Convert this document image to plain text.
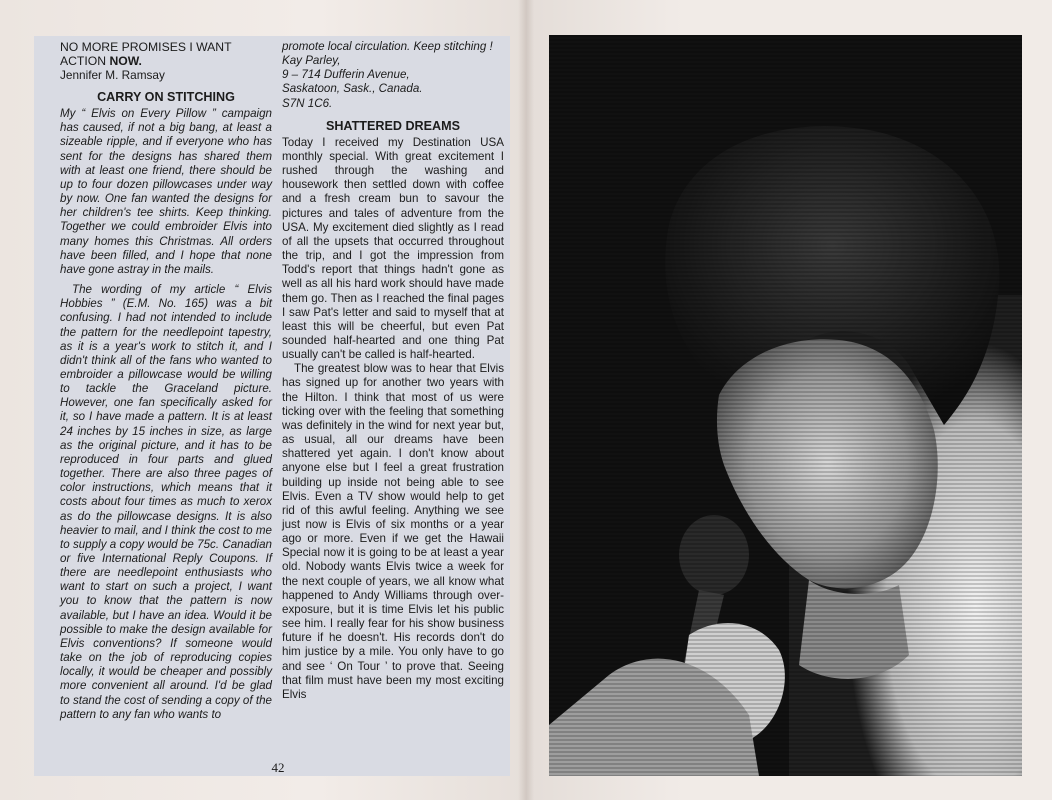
NO MORE PROMISES I WANT

ACTION NOW.

Jennifer M. Ramsay

CARRY ON STITCHING

My “ Elvis on Every Pillow ” campaign has caused, if not a big bang, at least a sizeable ripple, and if everyone who has sent for the designs has shared them with at least one friend, there should be up to four dozen pillowcases under way by now. One fan wanted the designs for her children's tee shirts. Keep thinking. Together we could embroider Elvis into many homes this Christmas. All orders have been filled, and I hope that none have gone astray in the mails.

The wording of my article “ Elvis Hobbies ” (E.M. No. 165) was a bit confusing. I had not intended to include the pattern for the needlepoint tapestry, as it is a year's work to stitch it, and I didn't think all of the fans who wanted to embroider a pillowcase would be willing to tackle the Graceland picture. However, one fan specifically asked for it, so I have made a pattern. It is at least 24 inches by 15 inches in size, as large as the original picture, and it has to be reproduced in four parts and glued together. There are also three pages of color instructions, which means that it costs about four times as much to xerox as do the pillowcase designs. It is also heavier to mail, and I think the cost to me to supply a copy would be 75c. Canadian or five International Reply Coupons. If there are needlepoint enthusiasts who want to start on such a project, I want you to know that the pattern is now available, but I have an idea. Would it be possible to make the design available for Elvis conventions? If someone would take on the job of reproducing copies locally, it would be cheaper and possibly more convenient all around. I'd be glad to stand the cost of sending a copy of the pattern to any fan who wants to

promote local circulation. Keep stitching !

Kay Parley,
9 – 714 Dufferin Avenue,
Saskatoon, Sask., Canada.
S7N 1C6.
SHATTERED DREAMS

Today I received my Destination USA monthly special. With great excitement I rushed through the washing and housework then settled down with coffee and a fresh cream bun to savour the pictures and tales of adventure from the USA. My excitement died slightly as I read of all the upsets that occurred throughout the trip, and I got the impression from Todd's report that things hadn't gone as well as all his hard work should have made them go. Then as I reached the final pages I saw Pat's letter and said to myself that at least this will be cheerful, but even Pat sounded half-hearted and one thing Pat usually can't be called is half-hearted.

The greatest blow was to hear that Elvis has signed up for another two years with the Hilton. I think that most of us were ticking over with the feeling that something was definitely in the wind for next year but, as usual, all our dreams have been shattered yet again. I don't know about anyone else but I feel a great frustration building up inside not being able to see Elvis. Even a TV show would help to get rid of this awful feeling. Anything we see just now is Elvis of six months or a year ago or more. Even if we get the Hawaii Special now it is going to be at least a year old. Nobody wants Elvis twice a week for the next couple of years, we all know what happened to Andy Williams through over-exposure, but it is time Elvis let his public see him. I really fear for his show business future if he doesn't. His records don't do him justice by a mile. You only have to go and see ‘ On Tour ’ to prove that. Seeing that film must have been my most exciting Elvis

42
